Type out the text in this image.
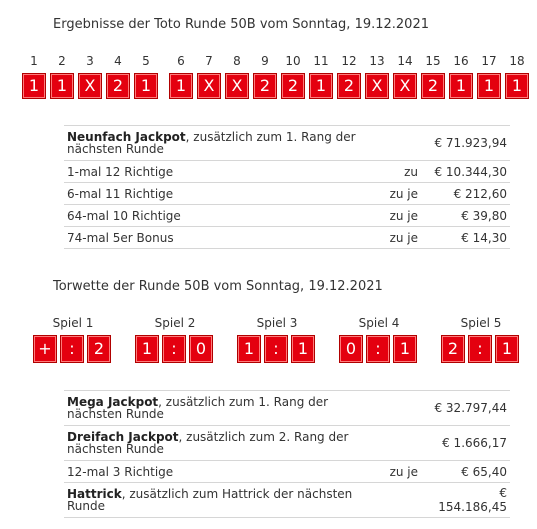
Ergebnisse der Toto Runde 50B vom Sonntag, 19.12.2021
1	2	3	4	5	6	7	8	9	10	11	12	13	14	15	16	17	18
1	1	X	2	1	1	X	X	2	2	1	2	X	X	2	1	1	1
Neunfach Jackpot, zusätzlich zum 1. Rang der nächsten Runde		€ 71.923,94
1-mal 12 Richtige	zu	€ 10.344,30
6-mal 11 Richtige	zu je	€ 212,60
64-mal 10 Richtige	zu je	€ 39,80
74-mal 5er Bonus	zu je	€ 14,30
Torwette der Runde 50B vom Sonntag, 19.12.2021
Spiel 1
+	:	2
Spiel 2
1	:	0
Spiel 3
1	:	1
Spiel 4
0	:	1
Spiel 5
2	:	1
Mega Jackpot, zusätzlich zum 1. Rang der nächsten Runde		€ 32.797,44
Dreifach Jackpot, zusätzlich zum 2. Rang der nächsten Runde		€ 1.666,17
12-mal 3 Richtige	zu je	€ 65,40
Hattrick, zusätzlich zum Hattrick der nächsten Runde		€ 154.186,45
